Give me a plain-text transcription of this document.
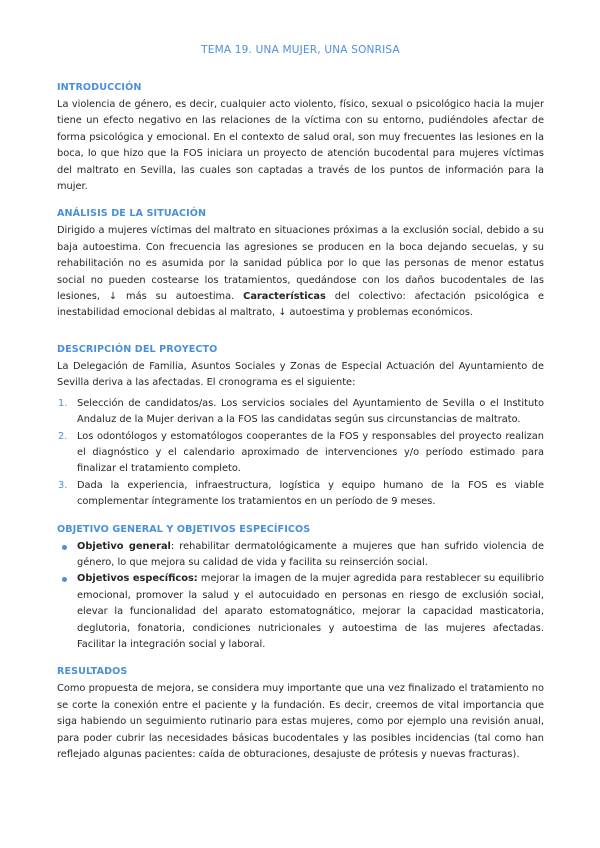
TEMA 19. UNA MUJER, UNA SONRISA
INTRODUCCIÓN

La violencia de género, es decir, cualquier acto violento, físico, sexual o psicológico hacia la mujer tiene un efecto negativo en las relaciones de la víctima con su entorno, pudiéndoles afectar de forma psicológica y emocional. En el contexto de salud oral, son muy frecuentes las lesiones en la boca, lo que hizo que la FOS iniciara un proyecto de atención bucodental para mujeres víctimas del maltrato en Sevilla, las cuales son captadas a través de los puntos de información para la mujer.

ANÁLISIS DE LA SITUACIÓN

Dirigido a mujeres víctimas del maltrato en situaciones próximas a la exclusión social, debido a su baja autoestima. Con frecuencia las agresiones se producen en la boca dejando secuelas, y su rehabilitación no es asumida por la sanidad pública por lo que las personas de menor estatus social no pueden costearse los tratamientos, quedándose con los daños bucodentales de las lesiones, ↓ más su autoestima. Características del colectivo: afectación psicológica e inestabilidad emocional debidas al maltrato, ↓ autoestima y problemas económicos.

DESCRIPCIÓN DEL PROYECTO

La Delegación de Familia, Asuntos Sociales y Zonas de Especial Actuación del Ayuntamiento de Sevilla deriva a las afectadas. El cronograma es el siguiente:

1. Selección de candidatos/as. Los servicios sociales del Ayuntamiento de Sevilla o el Instituto Andaluz de la Mujer derivan a la FOS las candidatas según sus circunstancias de maltrato.
2. Los odontólogos y estomatólogos cooperantes de la FOS y responsables del proyecto realizan el diagnóstico y el calendario aproximado de intervenciones y/o período estimado para finalizar el tratamiento completo.
3. Dada la experiencia, infraestructura, logística y equipo humano de la FOS es viable complementar íntegramente los tratamientos en un período de 9 meses.
OBJETIVO GENERAL Y OBJETIVOS ESPECÍFICOS
Objetivo general: rehabilitar dermatológicamente a mujeres que han sufrido violencia de género, lo que mejora su calidad de vida y facilita su reinserción social.
Objetivos específicos: mejorar la imagen de la mujer agredida para restablecer su equilibrio emocional, promover la salud y el autocuidado en personas en riesgo de exclusión social, elevar la funcionalidad del aparato estomatognático, mejorar la capacidad masticatoria, deglutoria, fonatoria, condiciones nutricionales y autoestima de las mujeres afectadas. Facilitar la integración social y laboral.
RESULTADOS

Como propuesta de mejora, se considera muy importante que una vez finalizado el tratamiento no se corte la conexión entre el paciente y la fundación. Es decir, creemos de vital importancia que siga habiendo un seguimiento rutinario para estas mujeres, como por ejemplo una revisión anual, para poder cubrir las necesidades básicas bucodentales y las posibles incidencias (tal como han reflejado algunas pacientes: caída de obturaciones, desajuste de prótesis y nuevas fracturas).
